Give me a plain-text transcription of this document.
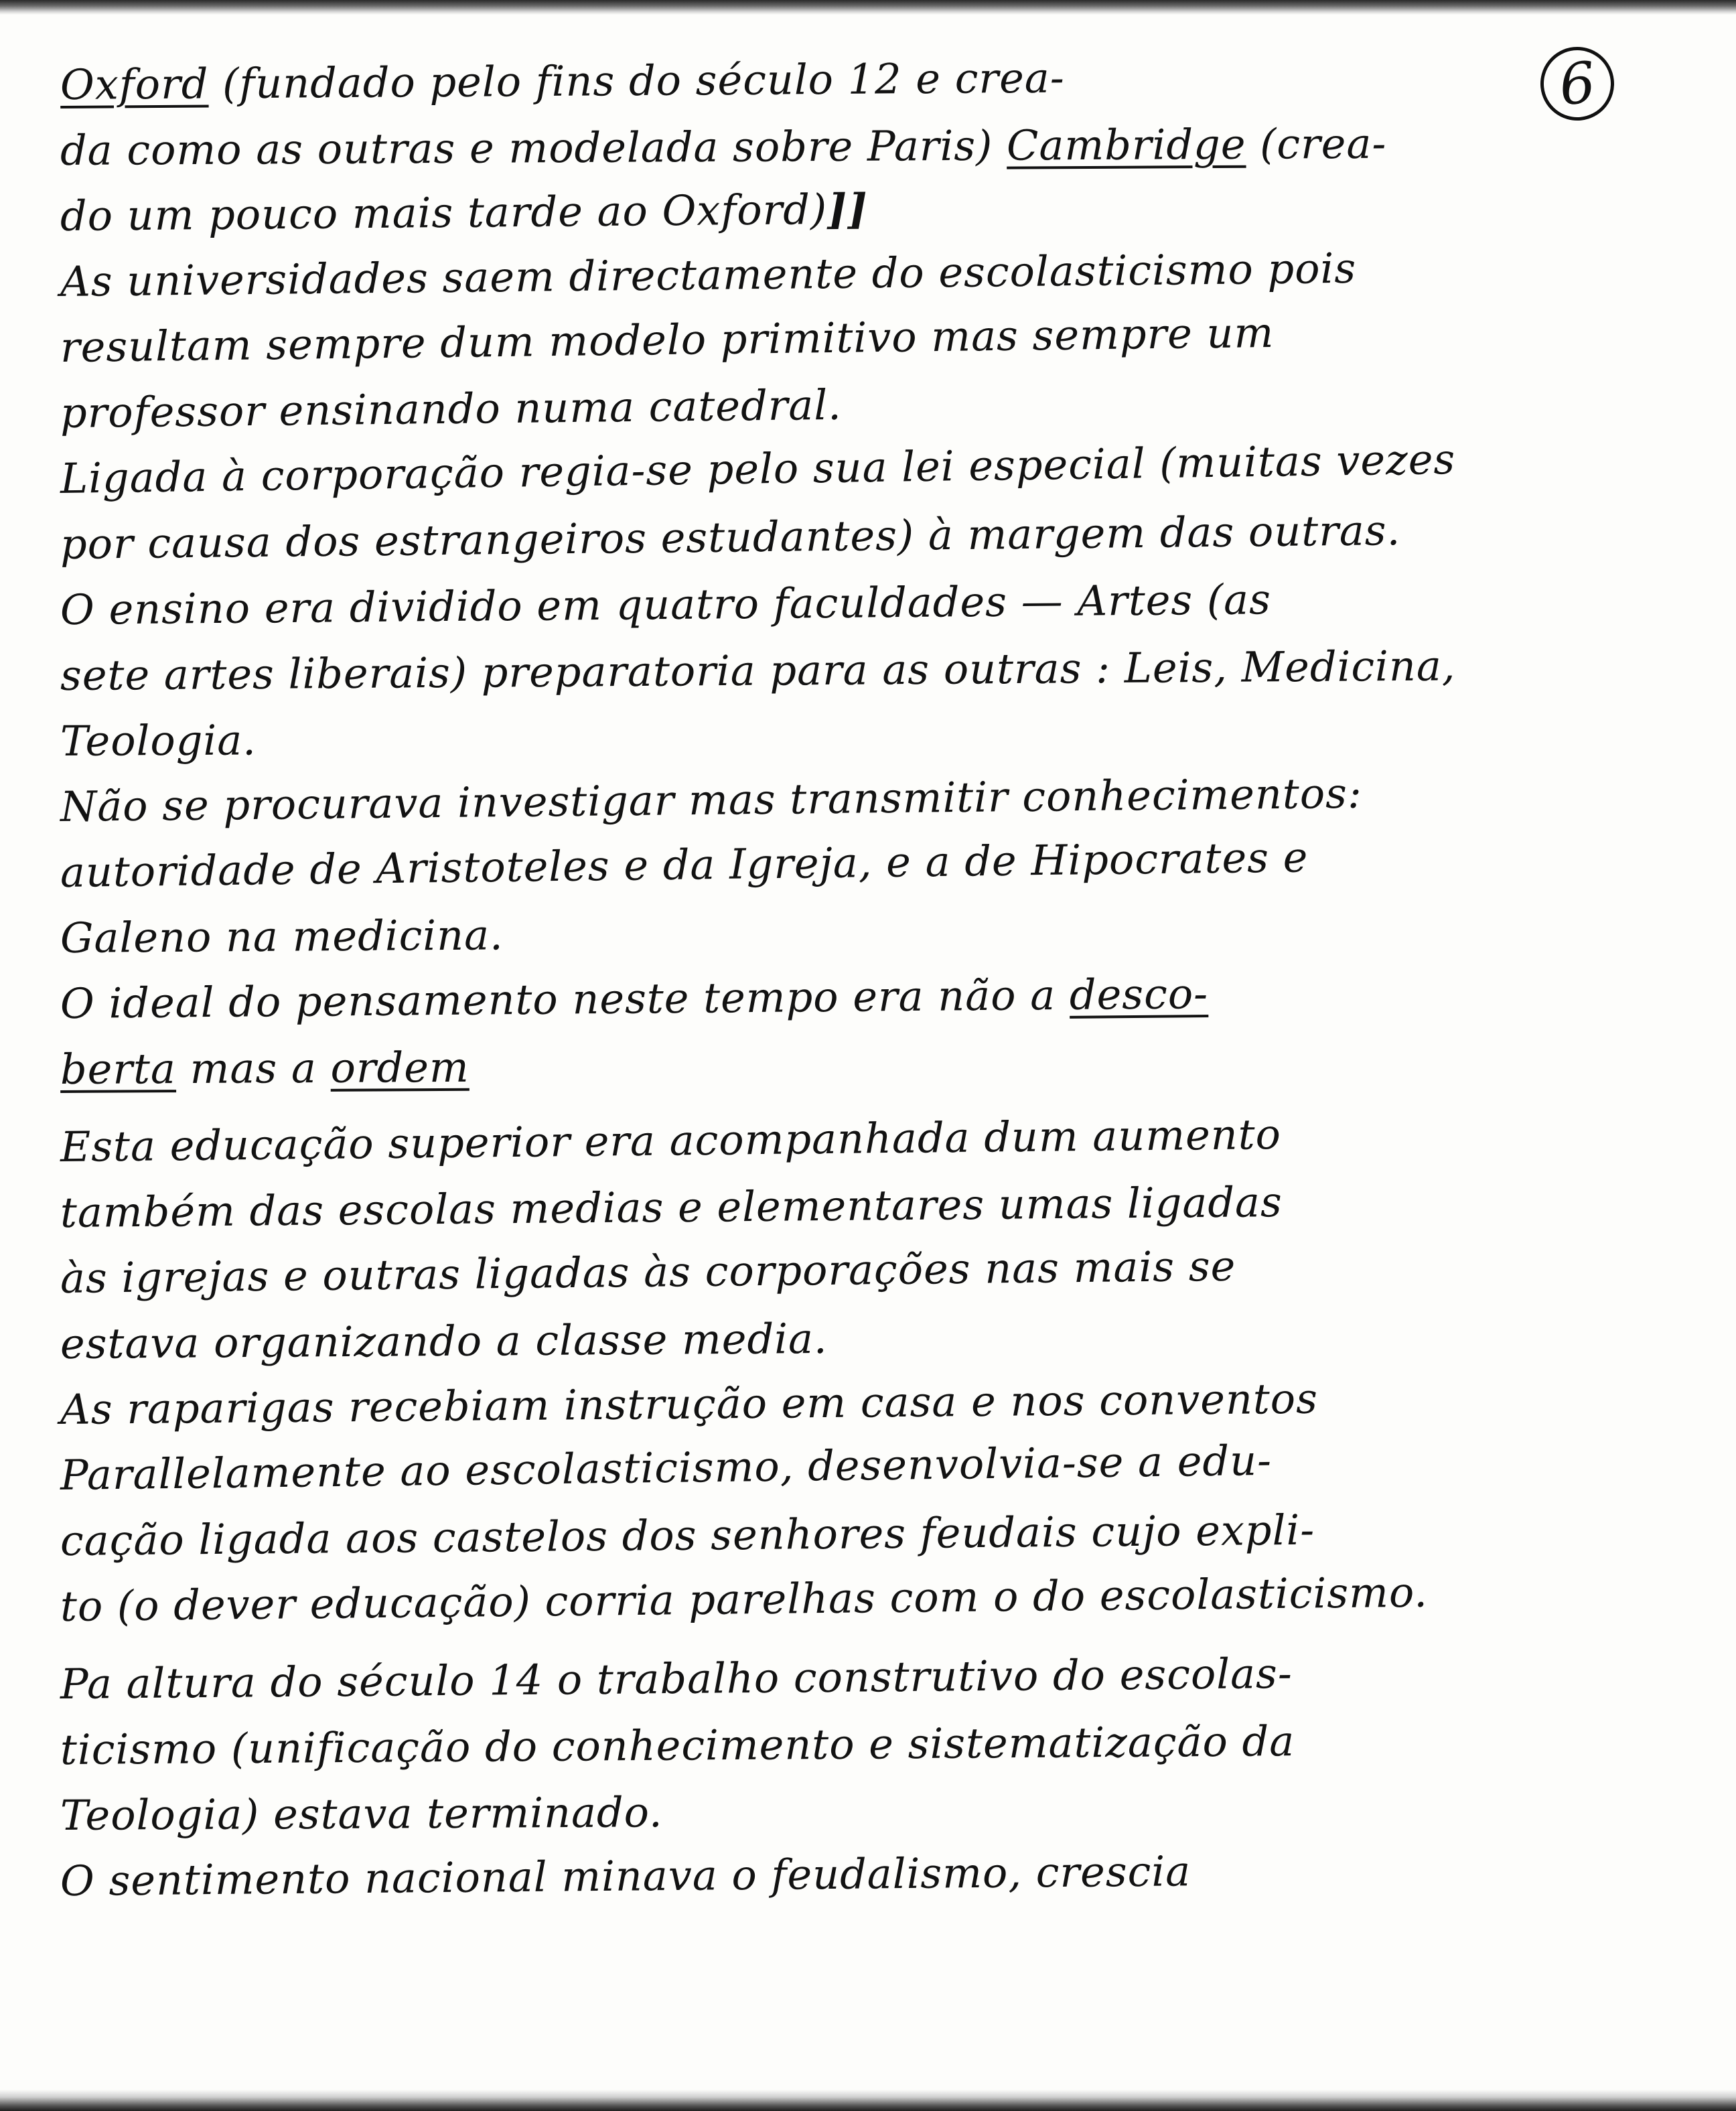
6
Oxford (fundado pelo fins do século 12 e crea-
da como as outras e modelada sobre Paris) Cambridge (crea-
do um pouco mais tarde ao Oxford)]]
As universidades saem directamente do escolasticismo pois
resultam sempre dum modelo primitivo mas sempre um
professor ensinando numa catedral.
Ligada à corporação regia-se pelo sua lei especial (muitas vezes
por causa dos estrangeiros estudantes) à margem das outras.
O ensino era dividido em quatro faculdades — Artes (as
sete artes liberais) preparatoria para as outras : Leis, Medicina,
Teologia.
Não se procurava investigar mas transmitir conhecimentos:
autoridade de Aristoteles e da Igreja, e a de Hipocrates e
Galeno na medicina.
O ideal do pensamento neste tempo era não a desco-
berta mas a ordem
Esta educação superior era acompanhada dum aumento
também das escolas medias e elementares umas ligadas
às igrejas e outras ligadas às corporações nas mais se
estava organizando a classe media.
As raparigas recebiam instrução em casa e nos conventos
Parallelamente ao escolasticismo, desenvolvia-se a edu-
cação ligada aos castelos dos senhores feudais cujo expli-
to (o dever educação) corria parelhas com o do escolasticismo.
Pa altura do século 14 o trabalho construtivo do escolas-
ticismo (unificação do conhecimento e sistematização da
Teologia) estava terminado.
O sentimento nacional minava o feudalismo, crescia
